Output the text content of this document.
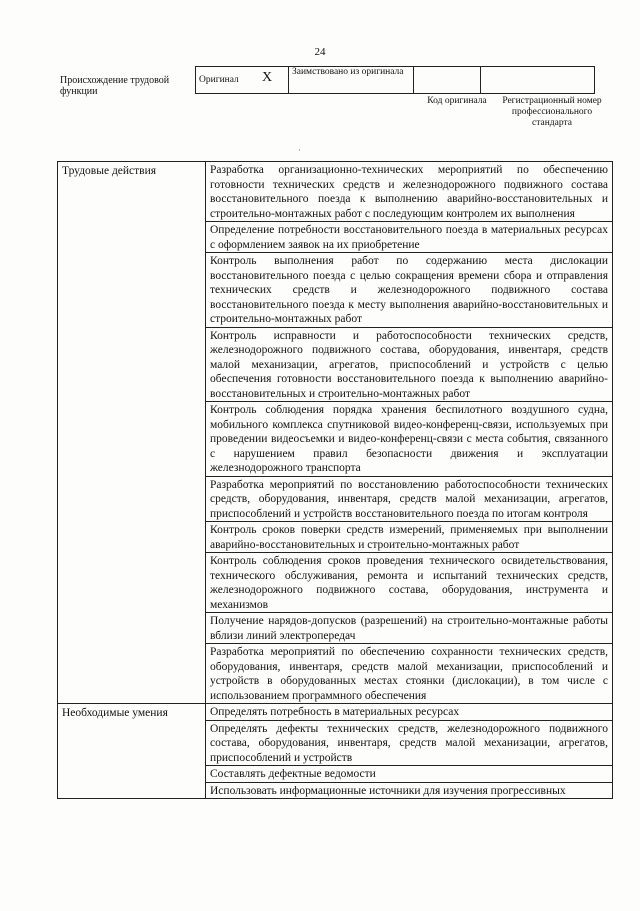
24
Происхождение трудовой функции
Оригинал X	Заимствовано из оригинала		
Код оригинала	Регистрационный номер профессионального стандарта
·
Трудовые действия	Разработка организационно-технических мероприятий по обеспечению готовности технических средств и железнодорожного подвижного состава восстановительного поезда к выполнению аварийно-восстановительных и строительно-монтажных работ с последующим контролем их выполнения
	Определение потребности восстановительного поезда в материальных ресурсах с оформлением заявок на их приобретение
	Контроль выполнения работ по содержанию места дислокации восстановительного поезда с целью сокращения времени сбора и отправления технических средств и железнодорожного подвижного состава восстановительного поезда к месту выполнения аварийно-восстановительных и строительно-монтажных работ
	Контроль исправности и работоспособности технических средств, железнодорожного подвижного состава, оборудования, инвентаря, средств малой механизации, агрегатов, приспособлений и устройств с целью обеспечения готовности восстановительного поезда к выполнению аварийно-восстановительных и строительно-монтажных работ
	Контроль соблюдения порядка хранения беспилотного воздушного судна, мобильного комплекса спутниковой видео-конференц-связи, используемых при проведении видеосъемки и видео-конференц-связи с места события, связанного с нарушением правил безопасности движения и эксплуатации железнодорожного транспорта
	Разработка мероприятий по восстановлению работоспособности технических средств, оборудования, инвентаря, средств малой механизации, агрегатов, приспособлений и устройств восстановительного поезда по итогам контроля
	Контроль сроков поверки средств измерений, применяемых при выполнении аварийно-восстановительных и строительно-монтажных работ
	Контроль соблюдения сроков проведения технического освидетельствования, технического обслуживания, ремонта и испытаний технических средств, железнодорожного подвижного состава, оборудования, инструмента и механизмов
	Получение нарядов-допусков (разрешений) на строительно-монтажные работы вблизи линий электропередач
	Разработка мероприятий по обеспечению сохранности технических средств, оборудования, инвентаря, средств малой механизации, приспособлений и устройств в оборудованных местах стоянки (дислокации), в том числе с использованием программного обеспечения
Необходимые умения	Определять потребность в материальных ресурсах
	Определять дефекты технических средств, железнодорожного подвижного состава, оборудования, инвентаря, средств малой механизации, агрегатов, приспособлений и устройств
	Составлять дефектные ведомости
	Использовать информационные источники для изучения прогрессивных
